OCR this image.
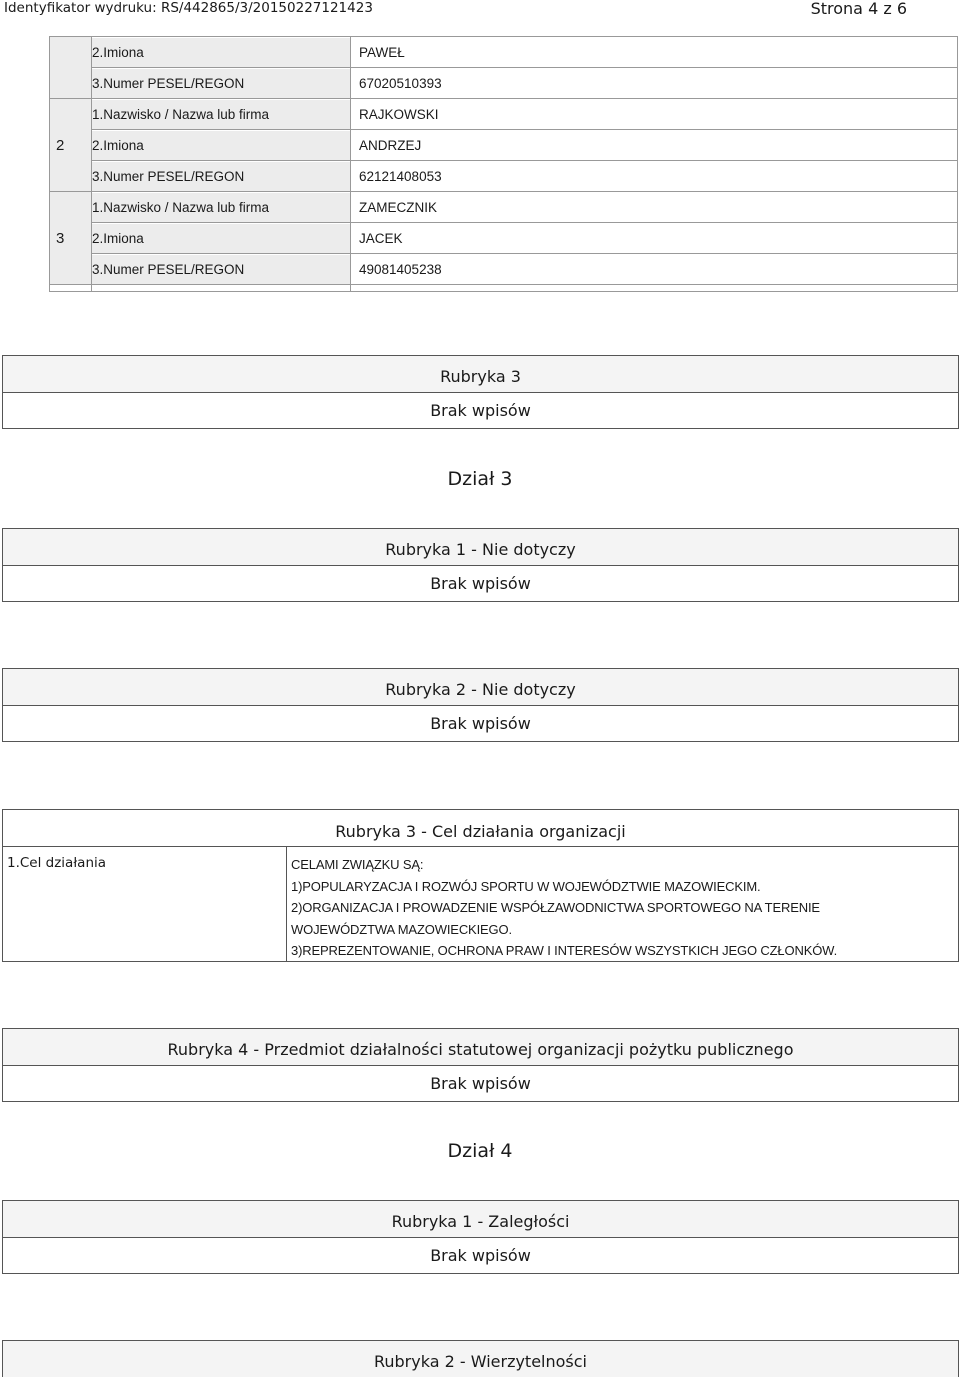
Identyfikator wydruku: RS/442865/3/20150227121423	Strona 4 z 6

	2.Imiona	PAWEŁ

	3.Numer PESEL/REGON	67020510393
2	1.Nazwisko / Nazwa lub firma	RAJKOWSKI

	2.Imiona	ANDRZEJ

	3.Numer PESEL/REGON	62121408053
3	1.Nazwisko / Nazwa lub firma	ZAMECZNIK

	2.Imiona	JACEK

	3.Numer PESEL/REGON	49081405238

Rubryka 3
Brak wpisów
Dział 3
Rubryka 1 - Nie dotyczy
Brak wpisów
Rubryka 2 - Nie dotyczy
Brak wpisów
Rubryka 3 - Cel działania organizacji
1.Cel działania	CELAMI ZWIĄZKU SĄ:
1)POPULARYZACJA I ROZWÓJ SPORTU W WOJEWÓDZTWIE MAZOWIECKIM.
2)ORGANIZACJA I PROWADZENIE WSPÓŁZAWODNICTWA SPORTOWEGO NA TERENIE
WOJEWÓDZTWA MAZOWIECKIEGO.
3)REPREZENTOWANIE, OCHRONA PRAW I INTERESÓW WSZYSTKICH JEGO CZŁONKÓW.
Rubryka 4 - Przedmiot działalności statutowej organizacji pożytku publicznego
Brak wpisów
Dział 4
Rubryka 1 - Zaległości
Brak wpisów
Rubryka 2 - Wierzytelności
